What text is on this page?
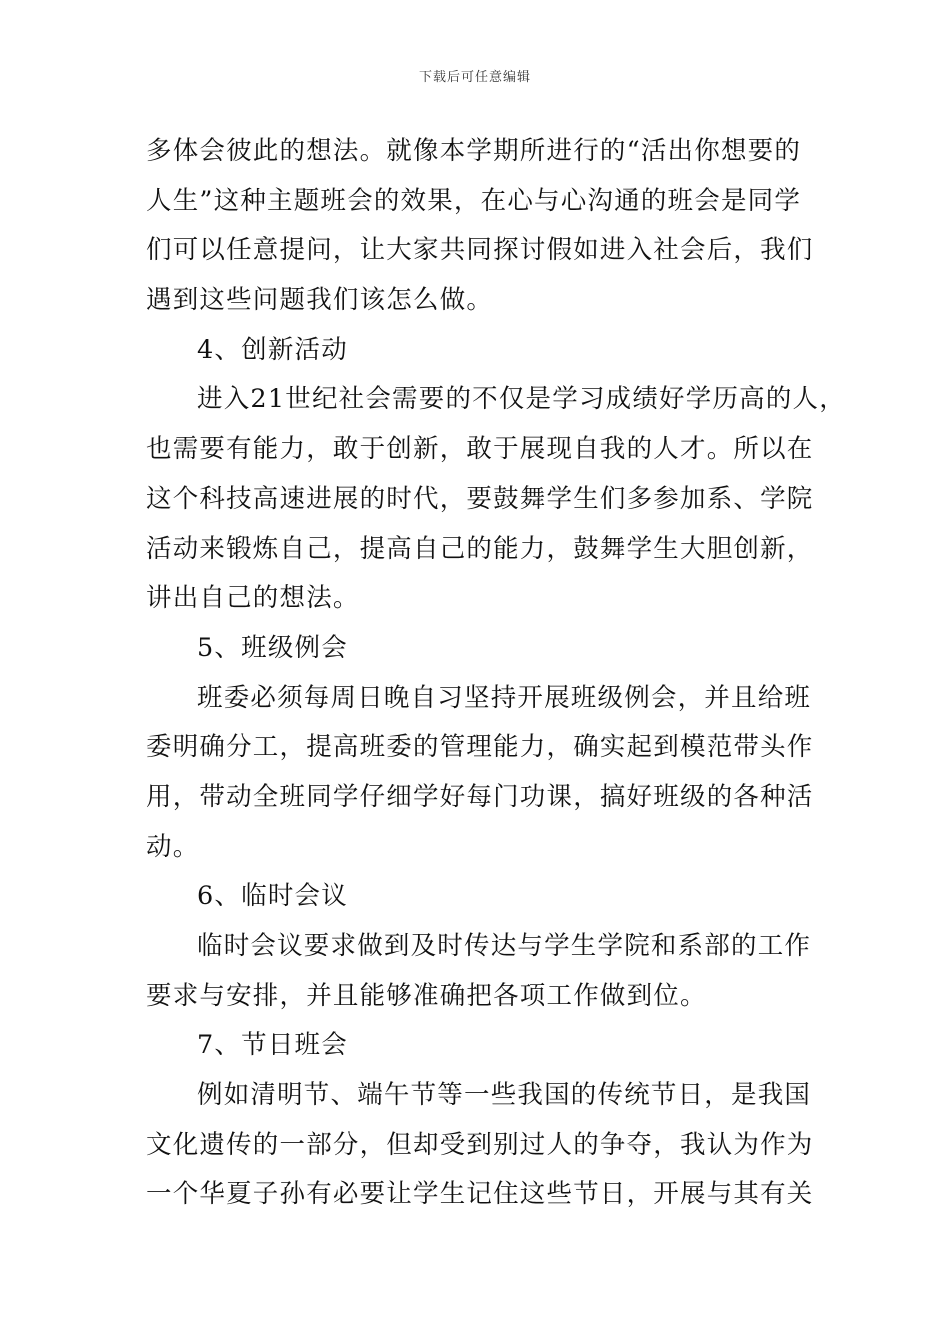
下载后可任意编辑
多体会彼此的想法。就像本学期所进行的“活出你想要的
人生”这种主题班会的效果，在心与心沟通的班会是同学
们可以任意提问，让大家共同探讨假如进入社会后，我们
遇到这些问题我们该怎么做。
4、创新活动
进入21世纪社会需要的不仅是学习成绩好学历高的人，
也需要有能力，敢于创新，敢于展现自我的人才。所以在
这个科技高速进展的时代，要鼓舞学生们多参加系、学院
活动来锻炼自己，提高自己的能力，鼓舞学生大胆创新，
讲出自己的想法。
5、班级例会
班委必须每周日晚自习坚持开展班级例会，并且给班
委明确分工，提高班委的管理能力，确实起到模范带头作
用，带动全班同学仔细学好每门功课，搞好班级的各种活
动。
6、临时会议
临时会议要求做到及时传达与学生学院和系部的工作
要求与安排，并且能够准确把各项工作做到位。
7、节日班会
例如清明节、端午节等一些我国的传统节日，是我国
文化遗传的一部分，但却受到别过人的争夺，我认为作为
一个华夏子孙有必要让学生记住这些节日，开展与其有关
